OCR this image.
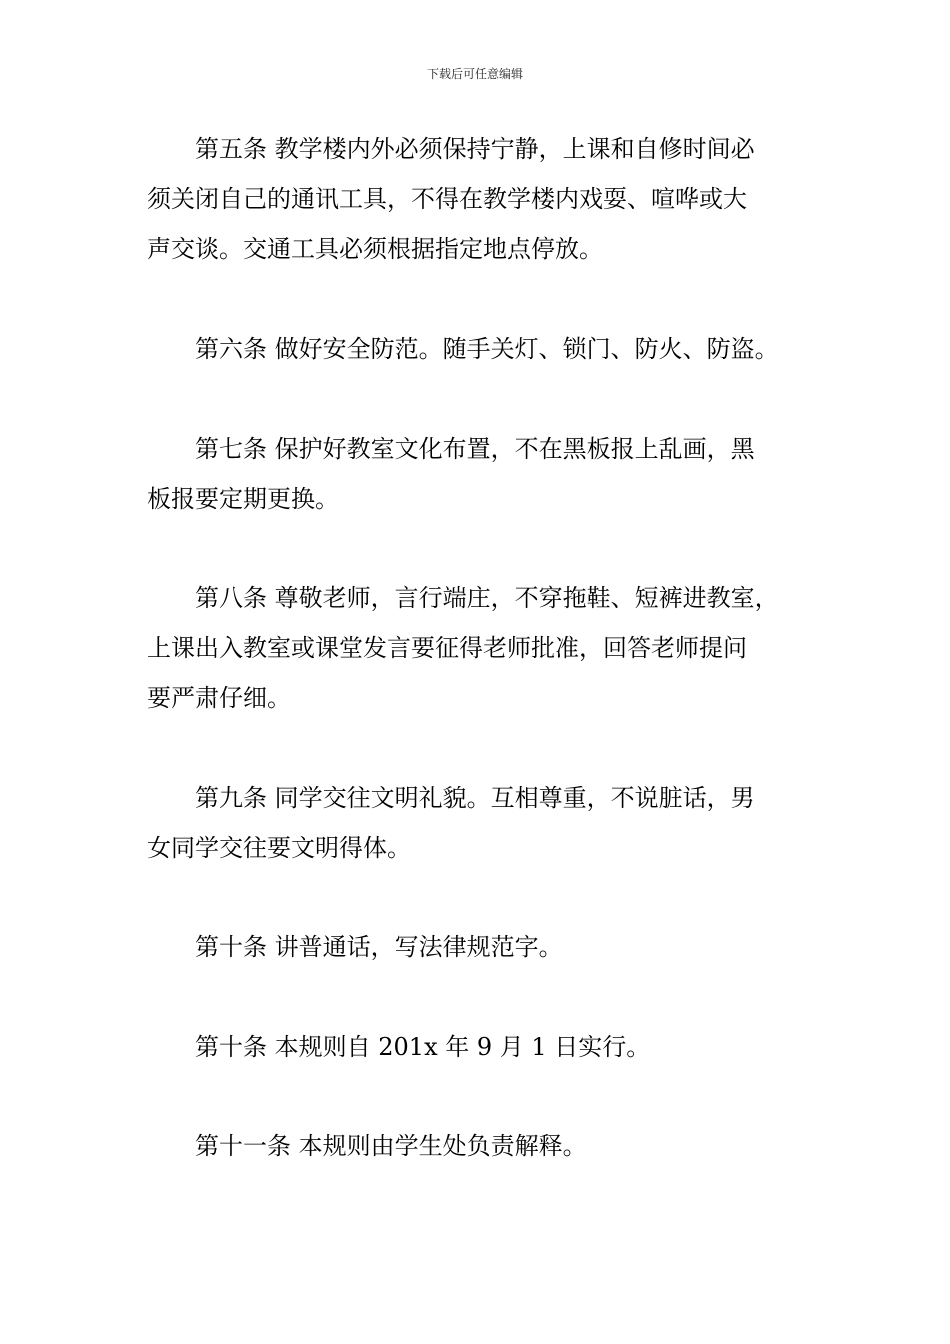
下载后可任意编辑

第五条 教学楼内外必须保持宁静，上课和自修时间必
须关闭自己的通讯工具，不得在教学楼内戏耍、喧哗或大
声交谈。交通工具必须根据指定地点停放。

第六条 做好安全防范。随手关灯、锁门、防火、防盗。

第七条 保护好教室文化布置，不在黑板报上乱画，黑
板报要定期更换。

第八条 尊敬老师，言行端庄，不穿拖鞋、短裤进教室，
上课出入教室或课堂发言要征得老师批准，回答老师提问
要严肃仔细。

第九条 同学交往文明礼貌。互相尊重，不说脏话，男
女同学交往要文明得体。

第十条 讲普通话，写法律规范字。

第十条 本规则自 201x 年 9 月 1 日实行。

第十一条 本规则由学生处负责解释。
